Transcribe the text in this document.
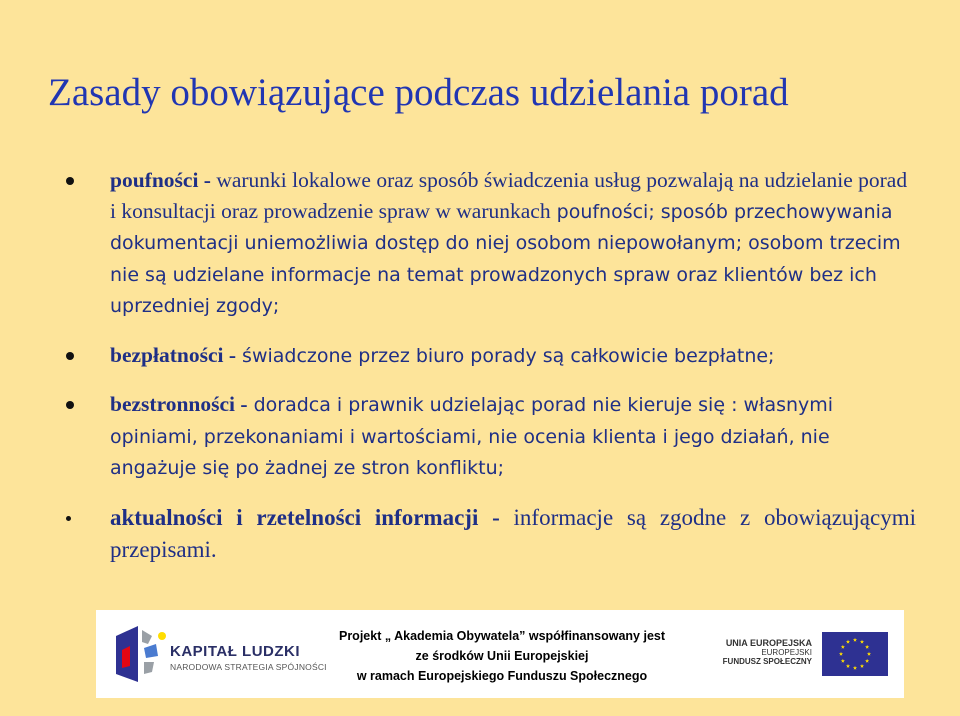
Zasady obowiązujące podczas udzielania porad
poufności - warunki lokalowe oraz sposób świadczenia usług pozwalają na udzielanie porad i konsultacji oraz prowadzenie spraw w warunkach poufności; sposób przechowywania dokumentacji uniemożliwia dostęp do niej osobom niepowołanym; osobom trzecim nie są udzielane informacje na temat prowadzonych spraw oraz klientów bez ich uprzedniej zgody;
bezpłatności - świadczone przez biuro porady są całkowicie bezpłatne;
bezstronności - doradca i prawnik udzielając porad nie kieruje się : własnymi opiniami, przekonaniami i wartościami, nie ocenia klienta i jego działań, nie angażuje się po żadnej ze stron konfliktu;
aktualności i rzetelności informacji - informacje są zgodne z obowiązującymi przepisami.
KAPITAŁ LUDZKI
NARODOWA STRATEGIA SPÓJNOŚCI
Projekt „ Akademia Obywatela” współfinansowany jest
ze środków Unii Europejskiej
w ramach Europejskiego Funduszu Społecznego
UNIA EUROPEJSKA
EUROPEJSKI
FUNDUSZ SPOŁECZNY
